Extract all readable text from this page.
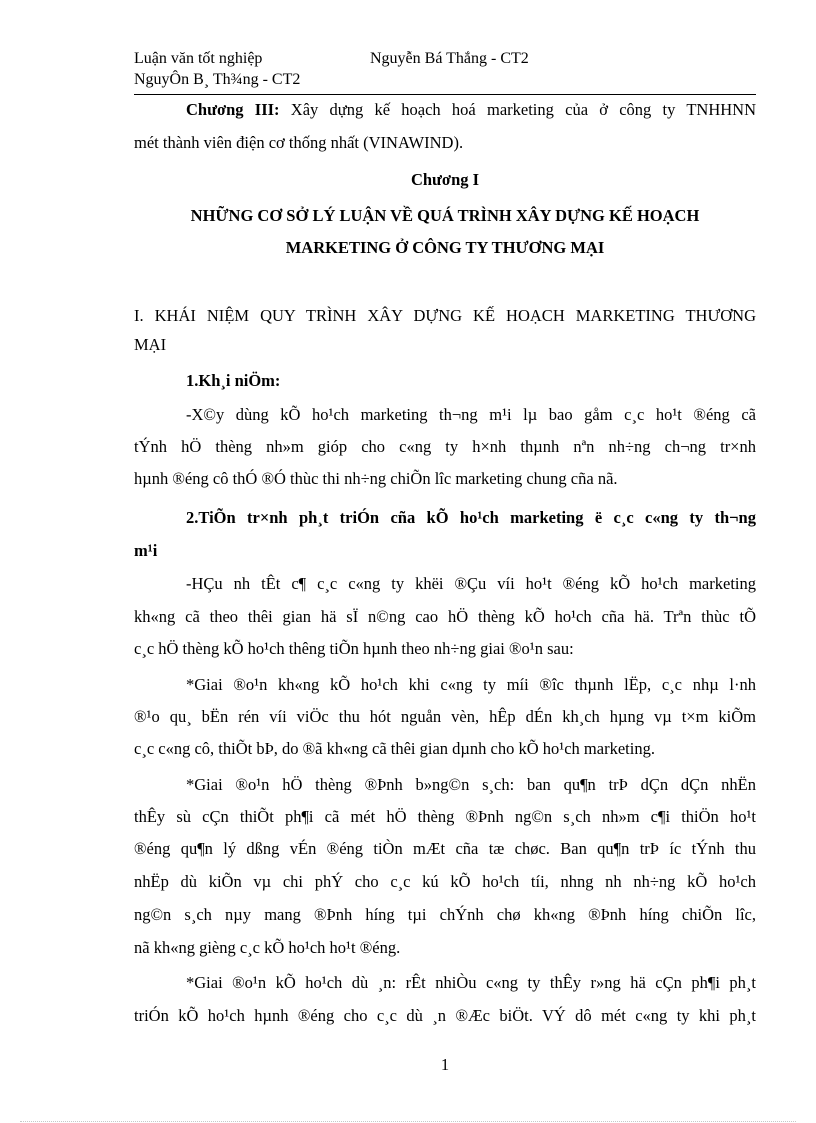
Luận văn tốt nghiệp	Nguyễn Bá Thắng - CT2
NguyÔn B¸ Th¾ng - CT2
Chương III: Xây dựng kế hoạch hoá marketing của ở công ty TNHHNN
mét thành viên điện cơ thống nhất (VINAWIND).
Chương I
NHỮNG CƠ SỞ LÝ LUẬN VỀ QUÁ TRÌNH XÂY DỰNG KẾ HOẠCH
MARKETING Ở CÔNG TY THƯƠNG MẠI
I. KHÁI NIỆM QUY TRÌNH XÂY DỰNG KẾ HOẠCH MARKETING THƯƠNG
MẠI
1.Kh¸i niÖm:
-X©y dùng kÕ ho¹ch marketing th¬ng m¹i lµ bao gåm c¸c ho¹t ®éng cã
tÝnh hÖ thèng nh»m gióp cho c«ng ty h×nh thµnh nªn nh÷ng ch¬ng tr×nh
hµnh ®éng cô thÓ ®Ó thùc thi nh÷ng chiÕn lîc marketing chung cña nã.
2.TiÕn tr×nh ph¸t triÓn cña kÕ ho¹ch marketing ë c¸c c«ng ty th¬ng
m¹i
-HÇu nh tÊt c¶ c¸c c«ng ty khëi ®Çu víi ho¹t ®éng kÕ ho¹ch marketing
kh«ng cã theo thêi gian hä sÏ n©ng cao hÖ thèng kÕ ho¹ch cña hä. Trªn thùc tÕ
c¸c hÖ thèng kÕ ho¹ch thêng tiÕn hµnh theo nh÷ng giai ®o¹n sau:
*Giai ®o¹n kh«ng kÕ ho¹ch khi c«ng ty míi ®îc thµnh lËp, c¸c nhµ l·nh
®¹o qu¸ bËn rén víi viÖc thu hót nguån vèn, hÊp dÉn kh¸ch hµng vµ t×m kiÕm
c¸c c«ng cô, thiÕt bÞ, do ®ã kh«ng cã thêi gian dµnh cho kÕ ho¹ch marketing.
*Giai ®o¹n hÖ thèng ®Þnh b»ng©n s¸ch: ban qu¶n trÞ dÇn dÇn nhËn
thÊy sù cÇn thiÕt ph¶i cã mét hÖ thèng ®Þnh ng©n s¸ch nh»m c¶i thiÖn ho¹t
®éng qu¶n lý dßng vÉn ®éng tiÒn mÆt cña tæ chøc. Ban qu¶n trÞ íc tÝnh thu
nhËp dù kiÕn vµ chi phÝ cho c¸c kú kÕ ho¹ch tíi, nhng nh nh÷ng kÕ ho¹ch
ng©n s¸ch nµy mang ®Þnh híng tµi chÝnh chø kh«ng ®Þnh híng chiÕn lîc,
nã kh«ng gièng c¸c kÕ ho¹ch ho¹t ®éng.
*Giai ®o¹n kÕ ho¹ch dù ¸n: rÊt nhiÒu c«ng ty thÊy r»ng hä cÇn ph¶i ph¸t
triÓn kÕ ho¹ch hµnh ®éng cho c¸c dù ¸n ®Æc biÖt. VÝ dô mét c«ng ty khi ph¸t
1
